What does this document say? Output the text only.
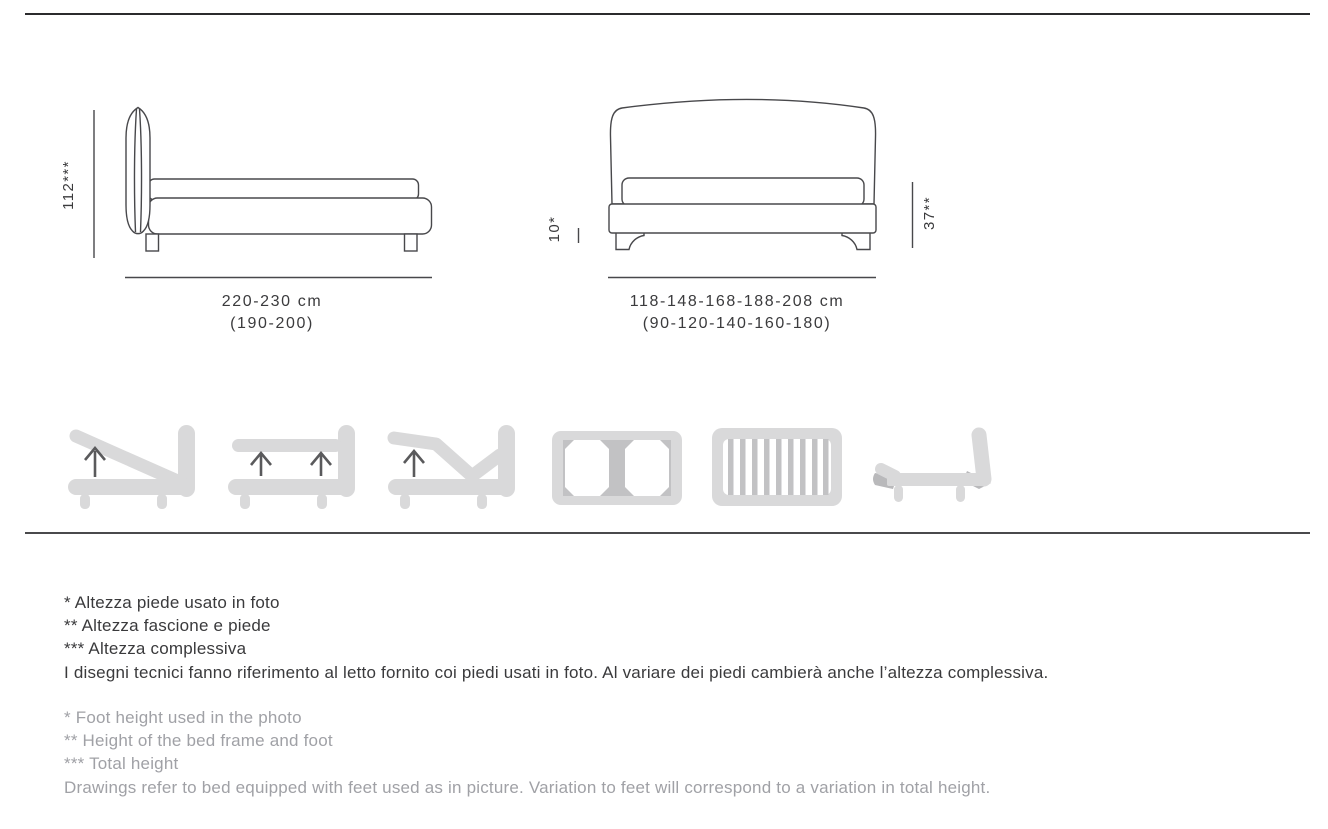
112***
220-230 cm
(190-200)
10*	37**
118-148-168-188-208 cm
(90-120-140-160-180)
* Altezza piede usato in foto
** Altezza fascione e piede
*** Altezza complessiva
I disegni tecnici fanno riferimento al letto fornito coi piedi usati in foto. Al variare dei piedi cambierà anche l’altezza complessiva.
* Foot height used in the photo
** Height of the bed frame and foot
*** Total height
Drawings refer to bed equipped with feet used as in picture. Variation to feet will correspond to a variation in total height.
